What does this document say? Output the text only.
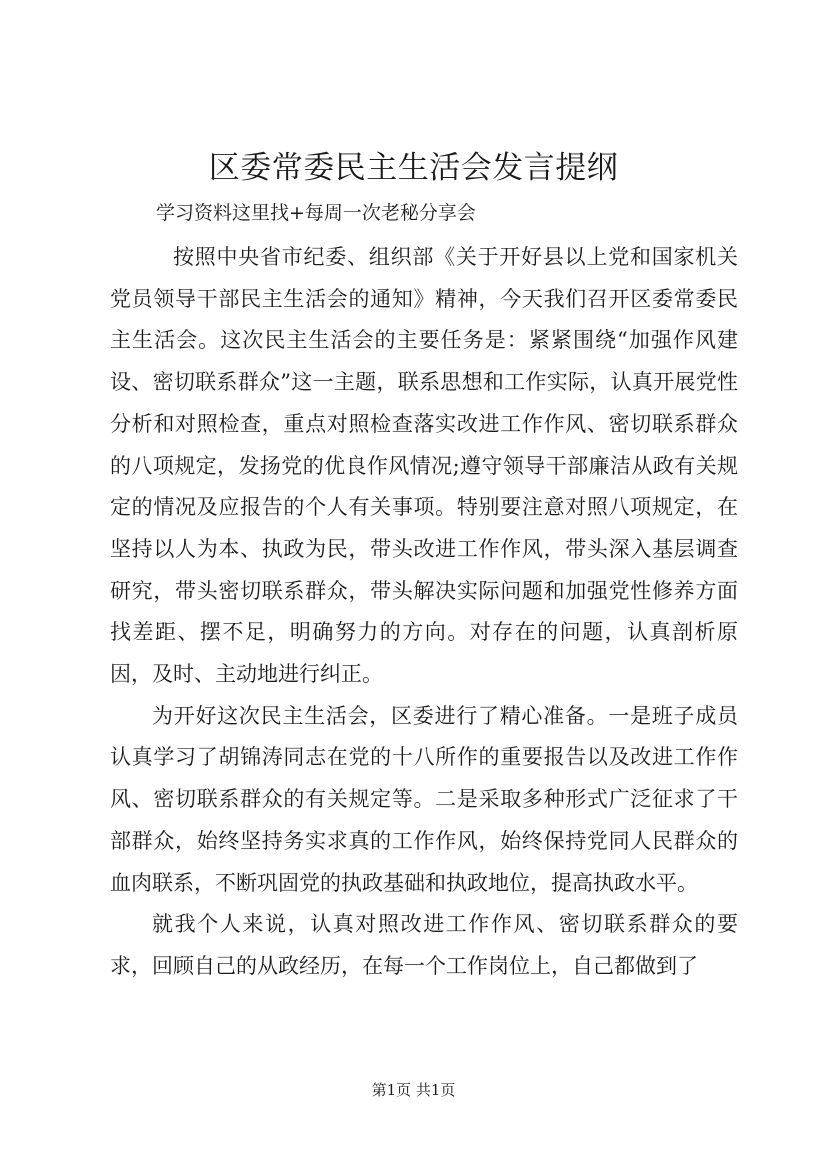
区委常委民主生活会发言提纲
学习资料这里找+每周一次老秘分享会

按照中央省市纪委、组织部《关于开好县以上党和国家机关党员领导干部民主生活会的通知》精神，今天我们召开区委常委民主生活会。这次民主生活会的主要任务是：紧紧围绕“加强作风建设、密切联系群众”这一主题，联系思想和工作实际，认真开展党性分析和对照检查，重点对照检查落实改进工作作风、密切联系群众的八项规定，发扬党的优良作风情况;遵守领导干部廉洁从政有关规定的情况及应报告的个人有关事项。特别要注意对照八项规定，在坚持以人为本、执政为民，带头改进工作作风，带头深入基层调查研究，带头密切联系群众，带头解决实际问题和加强党性修养方面找差距、摆不足，明确努力的方向。对存在的问题，认真剖析原因，及时、主动地进行纠正。

为开好这次民主生活会，区委进行了精心准备。一是班子成员认真学习了胡锦涛同志在党的十八所作的重要报告以及改进工作作风、密切联系群众的有关规定等。二是采取多种形式广泛征求了干部群众，始终坚持务实求真的工作作风，始终保持党同人民群众的血肉联系，不断巩固党的执政基础和执政地位，提高执政水平。

就我个人来说，认真对照改进工作作风、密切联系群众的要求，回顾自己的从政经历，在每一个工作岗位上，自己都做到了

第1页 共1页
